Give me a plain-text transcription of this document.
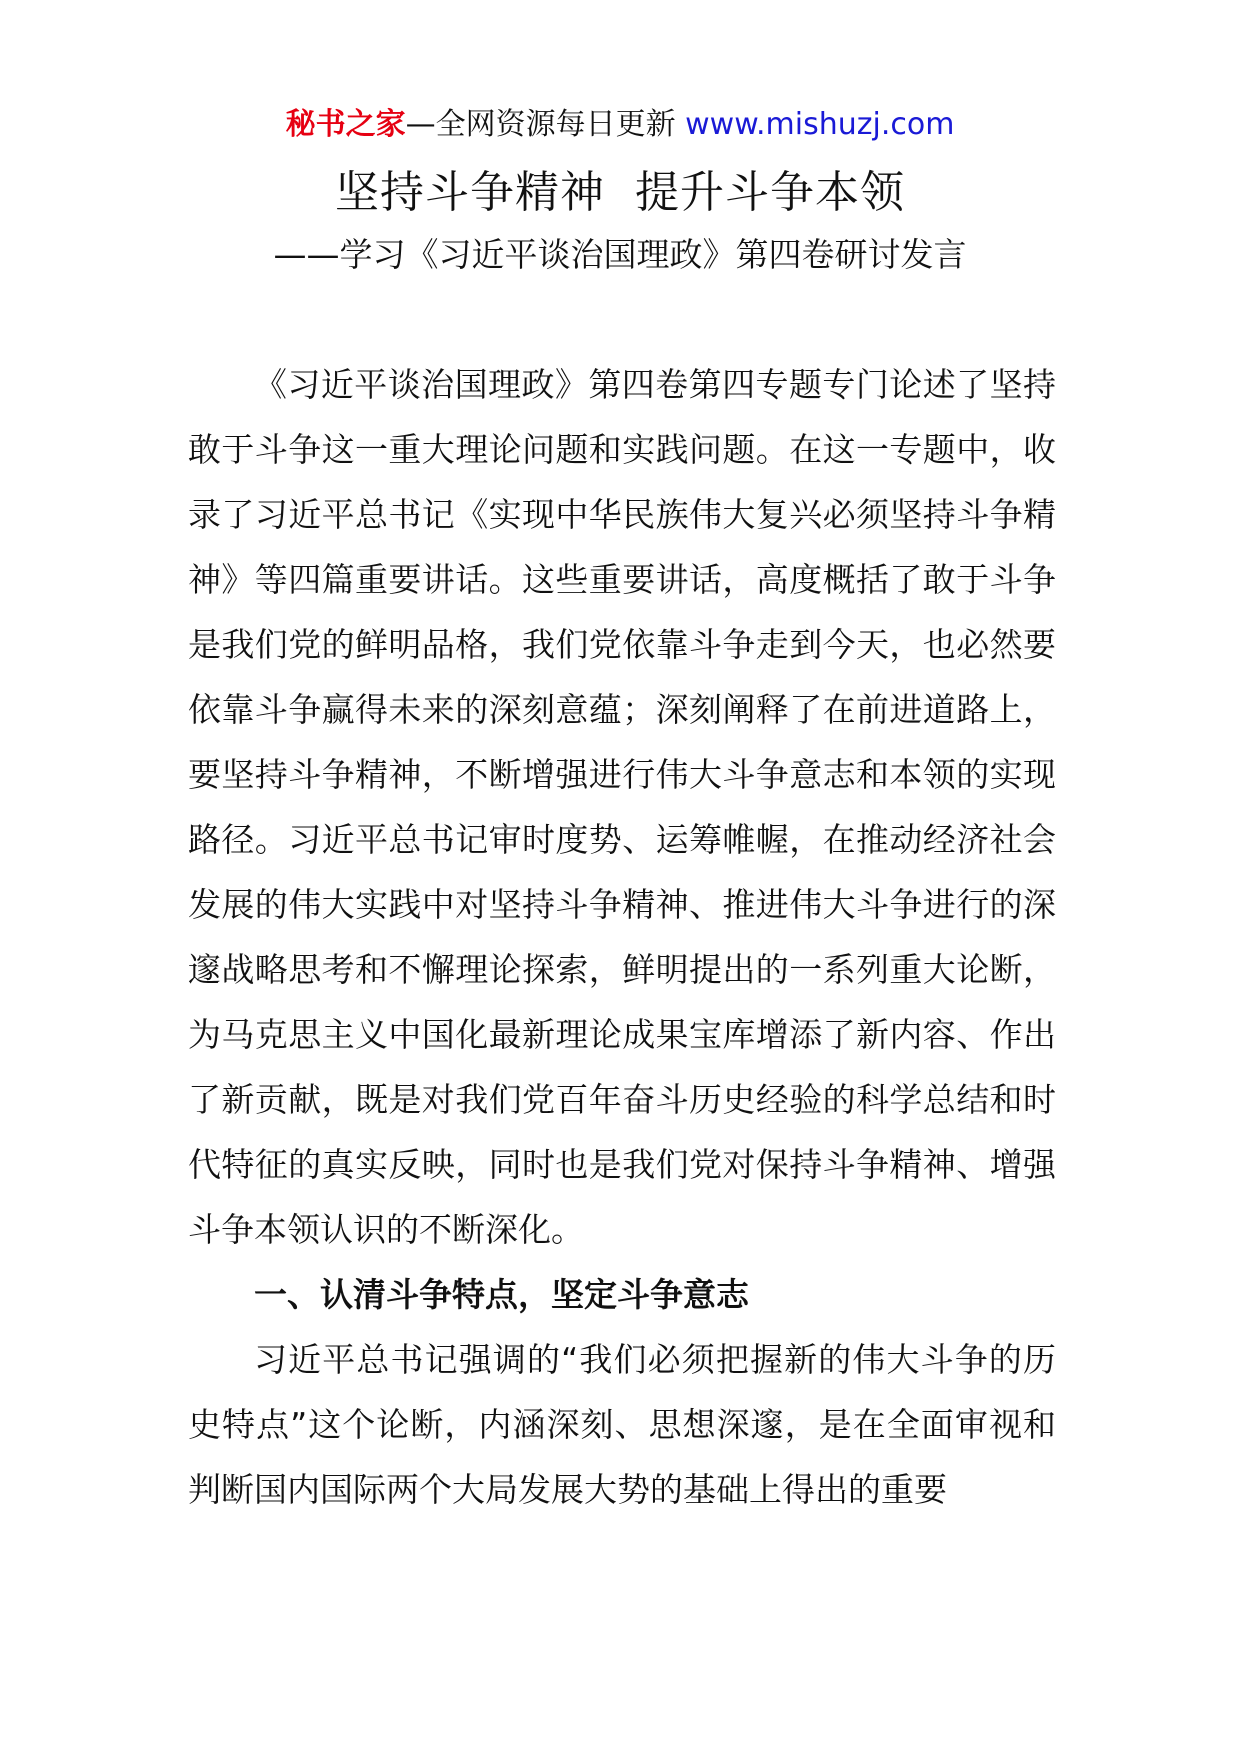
秘书之家—全网资源每日更新 www.mishuzj.com
坚持斗争精神  提升斗争本领
——学习《习近平谈治国理政》第四卷研讨发言

《习近平谈治国理政》第四卷第四专题专门论述了坚持敢于斗争这一重大理论问题和实践问题。在这一专题中，收录了习近平总书记《实现中华民族伟大复兴必须坚持斗争精神》等四篇重要讲话。这些重要讲话，高度概括了敢于斗争是我们党的鲜明品格，我们党依靠斗争走到今天，也必然要依靠斗争赢得未来的深刻意蕴；深刻阐释了在前进道路上，要坚持斗争精神，不断增强进行伟大斗争意志和本领的实现路径。习近平总书记审时度势、运筹帷幄，在推动经济社会发展的伟大实践中对坚持斗争精神、推进伟大斗争进行的深邃战略思考和不懈理论探索，鲜明提出的一系列重大论断，为马克思主义中国化最新理论成果宝库增添了新内容、作出了新贡献，既是对我们党百年奋斗历史经验的科学总结和时代特征的真实反映，同时也是我们党对保持斗争精神、增强斗争本领认识的不断深化。

一、认清斗争特点，坚定斗争意志

习近平总书记强调的“我们必须把握新的伟大斗争的历史特点”这个论断，内涵深刻、思想深邃，是在全面审视和判断国内国际两个大局发展大势的基础上得出的重要
